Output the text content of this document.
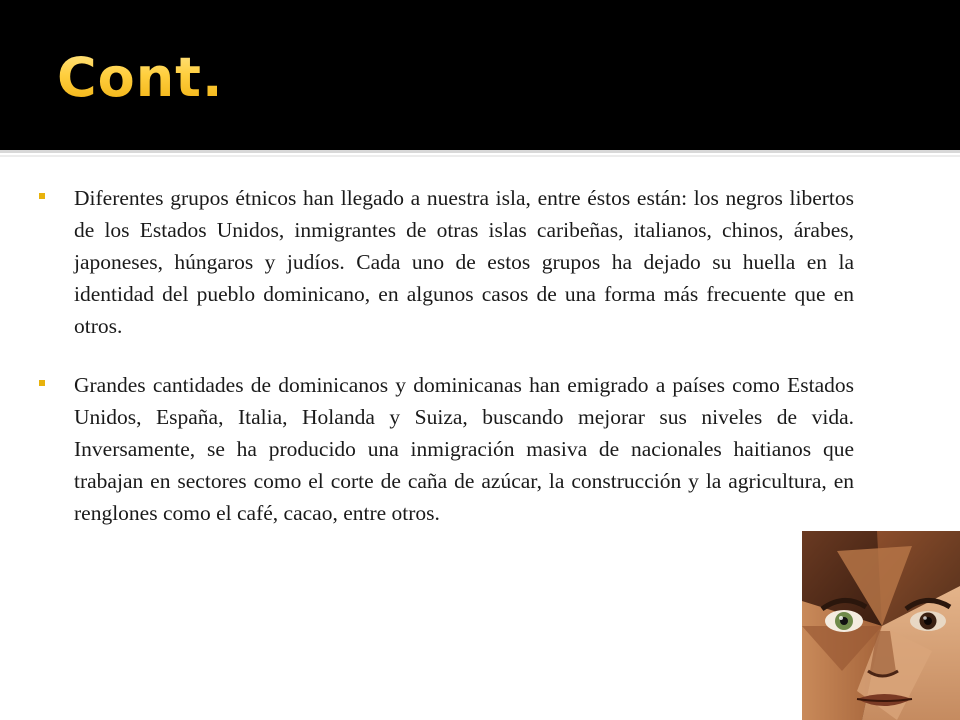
Cont.

Diferentes grupos étnicos han llegado a nuestra isla, entre éstos están: los negros libertos de los Estados Unidos, inmigrantes de otras islas caribeñas, italianos, chinos, árabes, japoneses, húngaros y judíos. Cada uno de estos grupos ha dejado su huella en la identidad del pueblo dominicano, en algunos casos de una forma más frecuente que en otros.

Grandes cantidades de dominicanos y dominicanas han emigrado a países como Estados Unidos, España, Italia, Holanda y Suiza, buscando mejorar sus niveles de vida. Inversamente, se ha producido una inmigración masiva de nacionales haitianos que trabajan en sectores como el corte de caña de azúcar, la construcción y la agricultura, en renglones como el café, cacao, entre otros.
